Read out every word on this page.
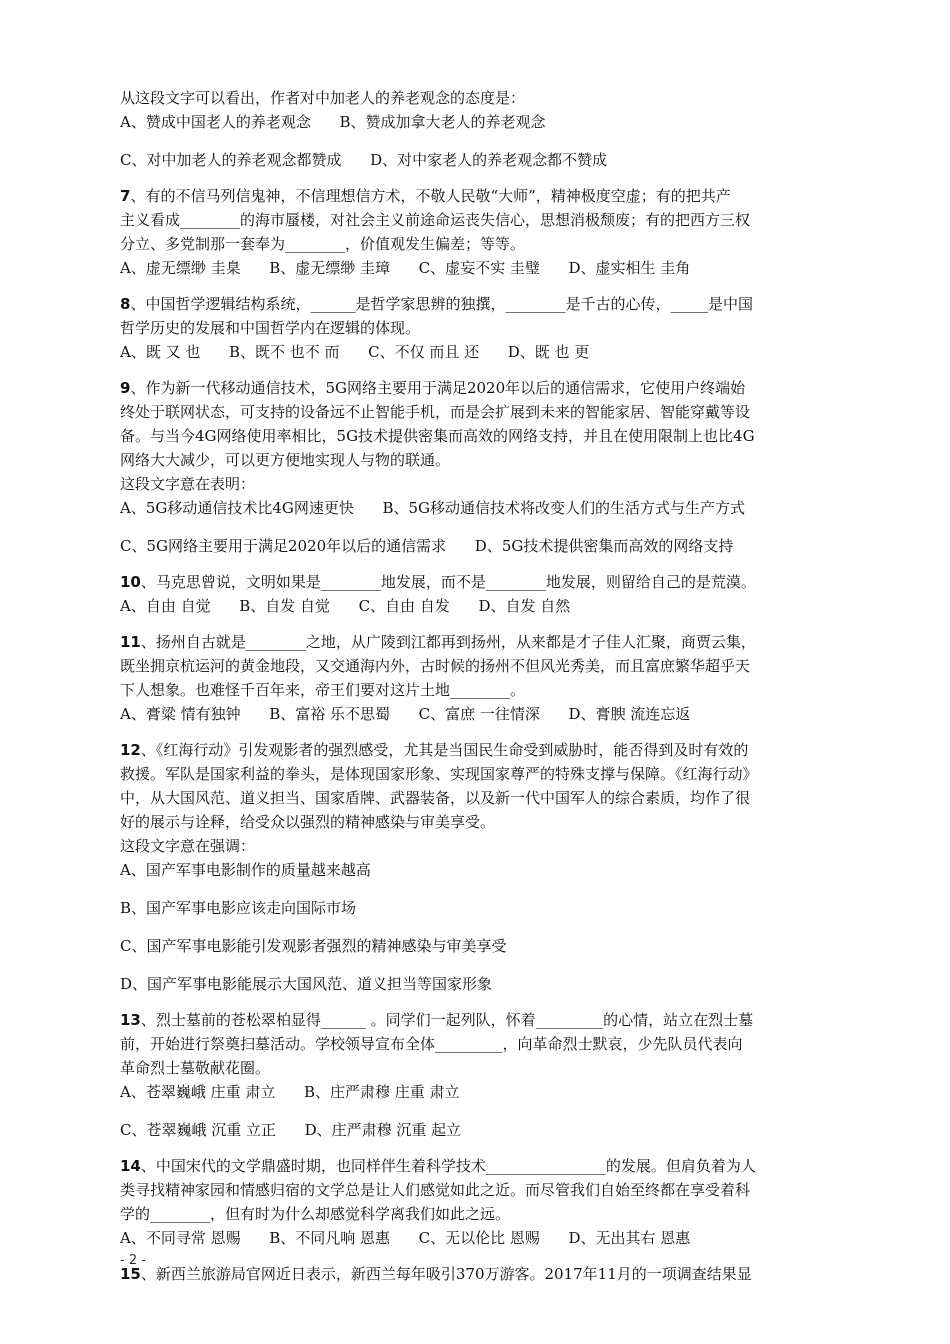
从这段文字可以看出，作者对中加老人的养老观念的态度是：

A、赞成中国老人的养老观念      B、赞成加拿大老人的养老观念

C、对中加老人的养老观念都赞成      D、对中家老人的养老观念都不赞成

7、有的不信马列信鬼神，不信理想信方术，不敬人民敬“大师”，精神极度空虚；有的把共产

主义看成________的海市蜃楼，对社会主义前途命运丧失信心，思想消极颓废；有的把西方三权

分立、多党制那一套奉为________，价值观发生偏差；等等。

A、虚无缥缈 圭臬      B、虚无缥缈 圭璋      C、虚妄不实 圭璧      D、虚实相生 圭角

8、中国哲学逻辑结构系统，______是哲学家思辨的独撰，________是千古的心传，_____是中国

哲学历史的发展和中国哲学内在逻辑的体现。

A、既 又 也      B、既不 也不 而      C、不仅 而且 还      D、既 也 更

9、作为新一代移动通信技术，5G网络主要用于满足2020年以后的通信需求，它使用户终端始

终处于联网状态，可支持的设备远不止智能手机，而是会扩展到未来的智能家居、智能穿戴等设

备。与当今4G网络使用率相比，5G技术提供密集而高效的网络支持，并且在使用限制上也比4G

网络大大减少，可以更方便地实现人与物的联通。

这段文字意在表明：

A、5G移动通信技术比4G网速更快      B、5G移动通信技术将改变人们的生活方式与生产方式

C、5G网络主要用于满足2020年以后的通信需求      D、5G技术提供密集而高效的网络支持

10、马克思曾说，文明如果是________地发展，而不是________地发展，则留给自己的是荒漠。

A、自由 自觉      B、自发 自觉      C、自由 自发      D、自发 自然

11、扬州自古就是________之地，从广陵到江都再到扬州，从来都是才子佳人汇聚，商贾云集，

既坐拥京杭运河的黄金地段，又交通海内外，古时候的扬州不但风光秀美，而且富庶繁华超乎天

下人想象。也难怪千百年来，帝王们要对这片土地________。

A、膏粱 情有独钟      B、富裕 乐不思蜀      C、富庶 一往情深      D、膏腴 流连忘返

12、《红海行动》引发观影者的强烈感受，尤其是当国民生命受到威胁时，能否得到及时有效的

救援。军队是国家利益的拳头，是体现国家形象、实现国家尊严的特殊支撑与保障。《红海行动》

中，从大国风范、道义担当、国家盾牌、武器装备，以及新一代中国军人的综合素质，均作了很

好的展示与诠释，给受众以强烈的精神感染与审美享受。

这段文字意在强调：

A、国产军事电影制作的质量越来越高

B、国产军事电影应该走向国际市场

C、国产军事电影能引发观影者强烈的精神感染与审美享受

D、国产军事电影能展示大国风范、道义担当等国家形象

13、烈士墓前的苍松翠柏显得______ 。同学们一起列队，怀着_________的心情，站立在烈士墓

前，开始进行祭奠扫墓活动。学校领导宣布全体_________，向革命烈士默哀，少先队员代表向

革命烈士墓敬献花圈。

A、苍翠巍峨 庄重 肃立      B、庄严肃穆 庄重 肃立

C、苍翠巍峨 沉重 立正      D、庄严肃穆 沉重 起立

14、中国宋代的文学鼎盛时期，也同样伴生着科学技术________________的发展。但肩负着为人

类寻找精神家园和情感归宿的文学总是让人们感觉如此之近。而尽管我们自始至终都在享受着科

学的________，但有时为什么却感觉科学离我们如此之远。

A、不同寻常 恩赐      B、不同凡响 恩惠      C、无以伦比 恩赐      D、无出其右 恩惠

15、新西兰旅游局官网近日表示，新西兰每年吸引370万游客。2017年11月的一项调查结果显

- 2 -
